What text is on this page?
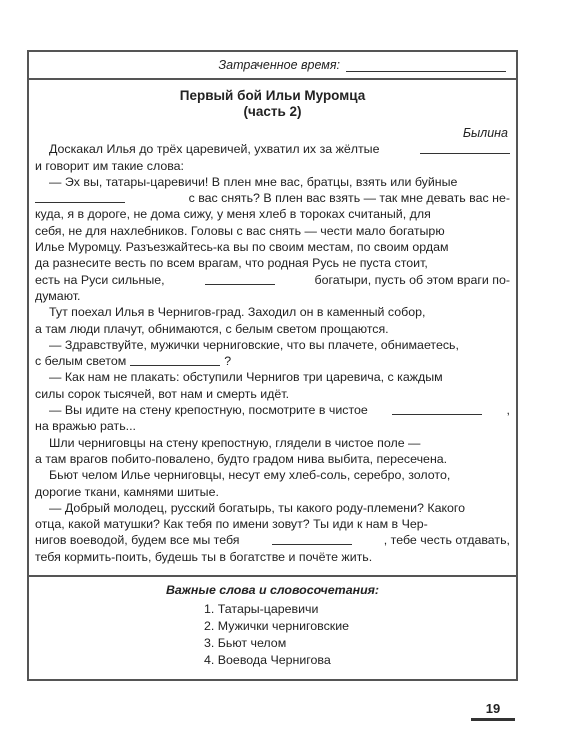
Затраченное время:
Первый бой Ильи Муромца
(часть 2)
Былина
Доскакал Илья до трёх царевичей, ухватил их за жёлтые
и говорит им такие слова:
— Эх вы, татары-царевичи! В плен мне вас, братцы, взять или буйные
с вас снять? В плен вас взять — так мне девать вас не-
куда, я в дороге, не дома сижу, у меня хлеб в тороках считаный, для
себя, не для нахлебников. Головы с вас снять — чести мало богатырю
Илье Муромцу. Разъезжайтесь-ка вы по своим местам, по своим ордам
да разнесите весть по всем врагам, что родная Русь не пуста стоит,
есть на Руси сильные,	богатыри, пусть об этом враги по-
думают.
Тут поехал Илья в Чернигов-град. Заходил он в каменный собор,
а там люди плачут, обнимаются, с белым светом прощаются.
— Здравствуйте, мужички черниговские, что вы плачете, обнимаетесь,
с белым светом	?
— Как нам не плакать: обступили Чернигов три царевича, с каждым
силы сорок тысячей, вот нам и смерть идёт.
— Вы идите на стену крепостную, посмотрите в чистое	,
на вражью рать...
Шли черниговцы на стену крепостную, глядели в чистое поле —
а там врагов побито-повалено, будто градом нива выбита, пересечена.
Бьют челом Илье черниговцы, несут ему хлеб-соль, серебро, золото,
дорогие ткани, камнями шитые.
— Добрый молодец, русский богатырь, ты какого роду-племени? Какого
отца, какой матушки? Как тебя по имени зовут? Ты иди к нам в Чер-
нигов воеводой, будем все мы тебя	, тебе честь отдавать,
тебя кормить-поить, будешь ты в богатстве и почёте жить.
Важные слова и словосочетания:
1. Татары-царевичи
2. Мужички черниговские
3. Бьют челом
4. Воевода Чернигова
19
